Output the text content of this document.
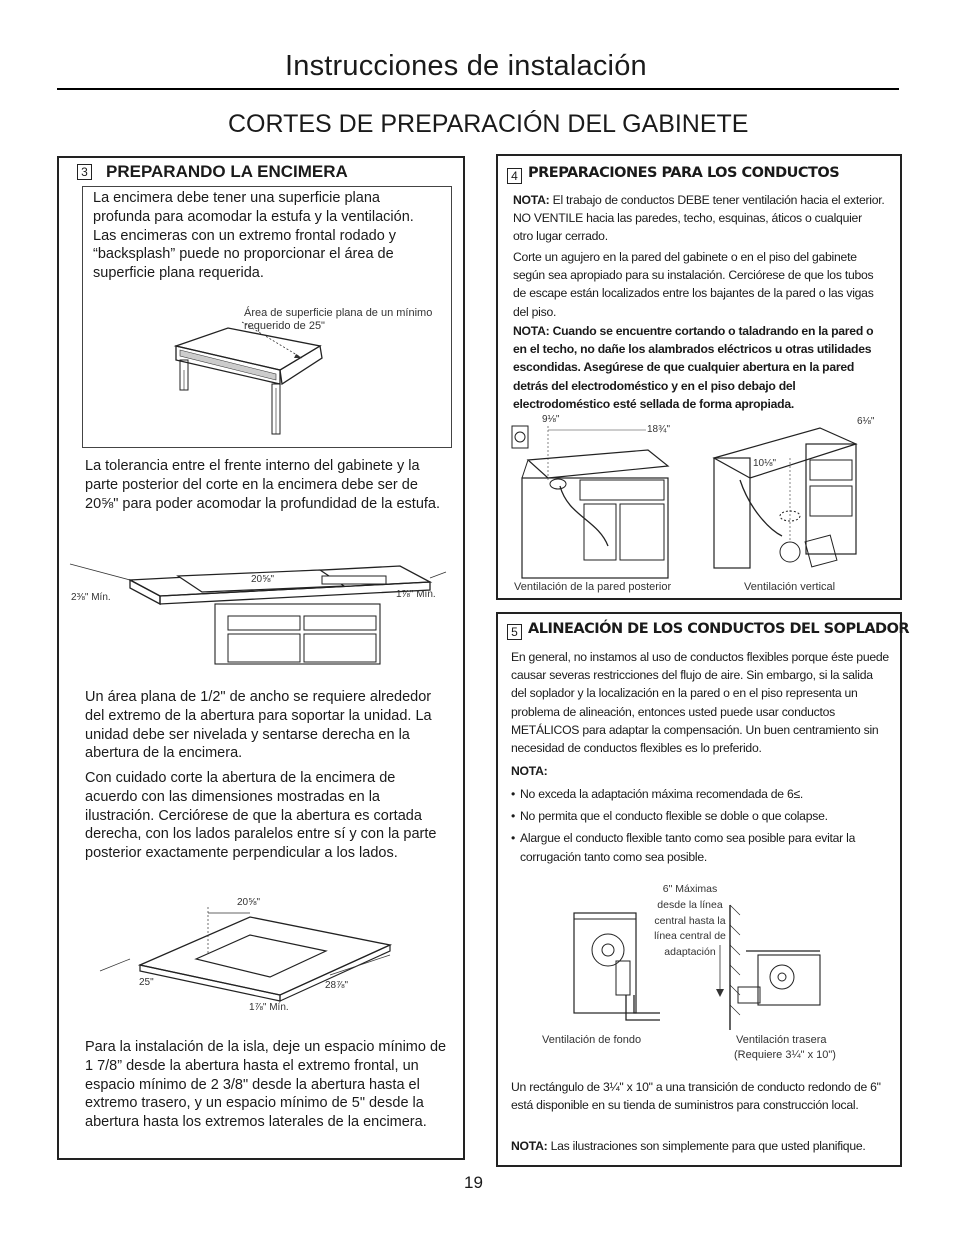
Instrucciones de instalación
CORTES DE PREPARACIÓN DEL GABINETE
3 PREPARANDO LA ENCIMERA
La encimera debe tener una superficie plana profunda para acomodar la estufa y la ventilación. Las encimeras con un extremo frontal rodado y “backsplash” puede no proporcionar el área de superficie plana requerida.
Área de superficie plana de un mínimo requerido de 25"
La tolerancia entre el frente interno del gabinete y la parte posterior del corte en la encimera debe ser de 20⅝" para poder acomodar la profundidad de la estufa.
20⅝"
2⅜" Mín.	1⅞" Mín.
Un área plana de 1/2" de ancho se requiere alrededor del extremo de la abertura para soportar la unidad. La unidad debe ser nivelada y sentarse derecha en la abertura de la encimera.
Con cuidado corte la abertura de la encimera de acuerdo con las dimensiones mostradas en la ilustración. Cerciórese de que la abertura es cortada derecha, con los lados paralelos entre sí y con la parte posterior exactamente perpendicular a los lados.
20⅝"
25"	28⅞"
1⅞" Mín.
Para la instalación de la isla, deje un espacio mínimo de 1 7/8” desde la abertura hasta el extremo frontal, un espacio mínimo de 2 3/8" desde la abertura hasta el extremo trasero, y un espacio mínimo de 5" desde la abertura hasta los extremos laterales de la encimera.
4 PREPARACIONES PARA LOS CONDUCTOS
NOTA: El trabajo de conductos DEBE tener ventilación hacia el exterior. NO VENTILE hacia las paredes, techo, esquinas, áticos o cualquier otro lugar cerrado.
Corte un agujero en la pared del gabinete o en el piso del gabinete según sea apropiado para su instalación. Cerciórese de que los tubos de escape están localizados entre los bajantes de la pared o las vigas del piso.
NOTA: Cuando se encuentre cortando o taladrando en la pared o en el techo, no dañe los alambrados eléctricos u otras utilidades escondidas. Asegúrese de que cualquier abertura en la pared detrás del electrodoméstico y en el piso debajo del electrodoméstico esté sellada de forma apropiada.
9⅛"
18¾"
6⅛"
10⅛"
Ventilación de la pared posterior	Ventilación vertical
5 ALINEACIÓN DE LOS CONDUCTOS DEL SOPLADOR
En general, no instamos al uso de conductos flexibles porque éste puede causar severas restricciones del flujo de aire. Sin embargo, si la salida del soplador y la localización en la pared o en el piso representa un problema de alineación, entonces usted puede usar conductos METÁLICOS para adaptar la compensación. Un buen centramiento sin necesidad de conductos flexibles es lo preferido.
NOTA:
• No exceda la adaptación máxima recomendada de 6≤.
• No permita que el conducto flexible se doble o que colapse.
• Alargue el conducto flexible tanto como sea posible para evitar la corrugación tanto como sea posible.
6" Máximas desde la línea central hasta la línea central de adaptación
Ventilación de fondo	Ventilación trasera
(Requiere 3¼" x 10")
Un rectángulo de 3¼" x 10" a una transición de conducto redondo de 6" está disponible en su tienda de suministros para construcción local.
NOTA: Las ilustraciones son simplemente para que usted planifique.
19
